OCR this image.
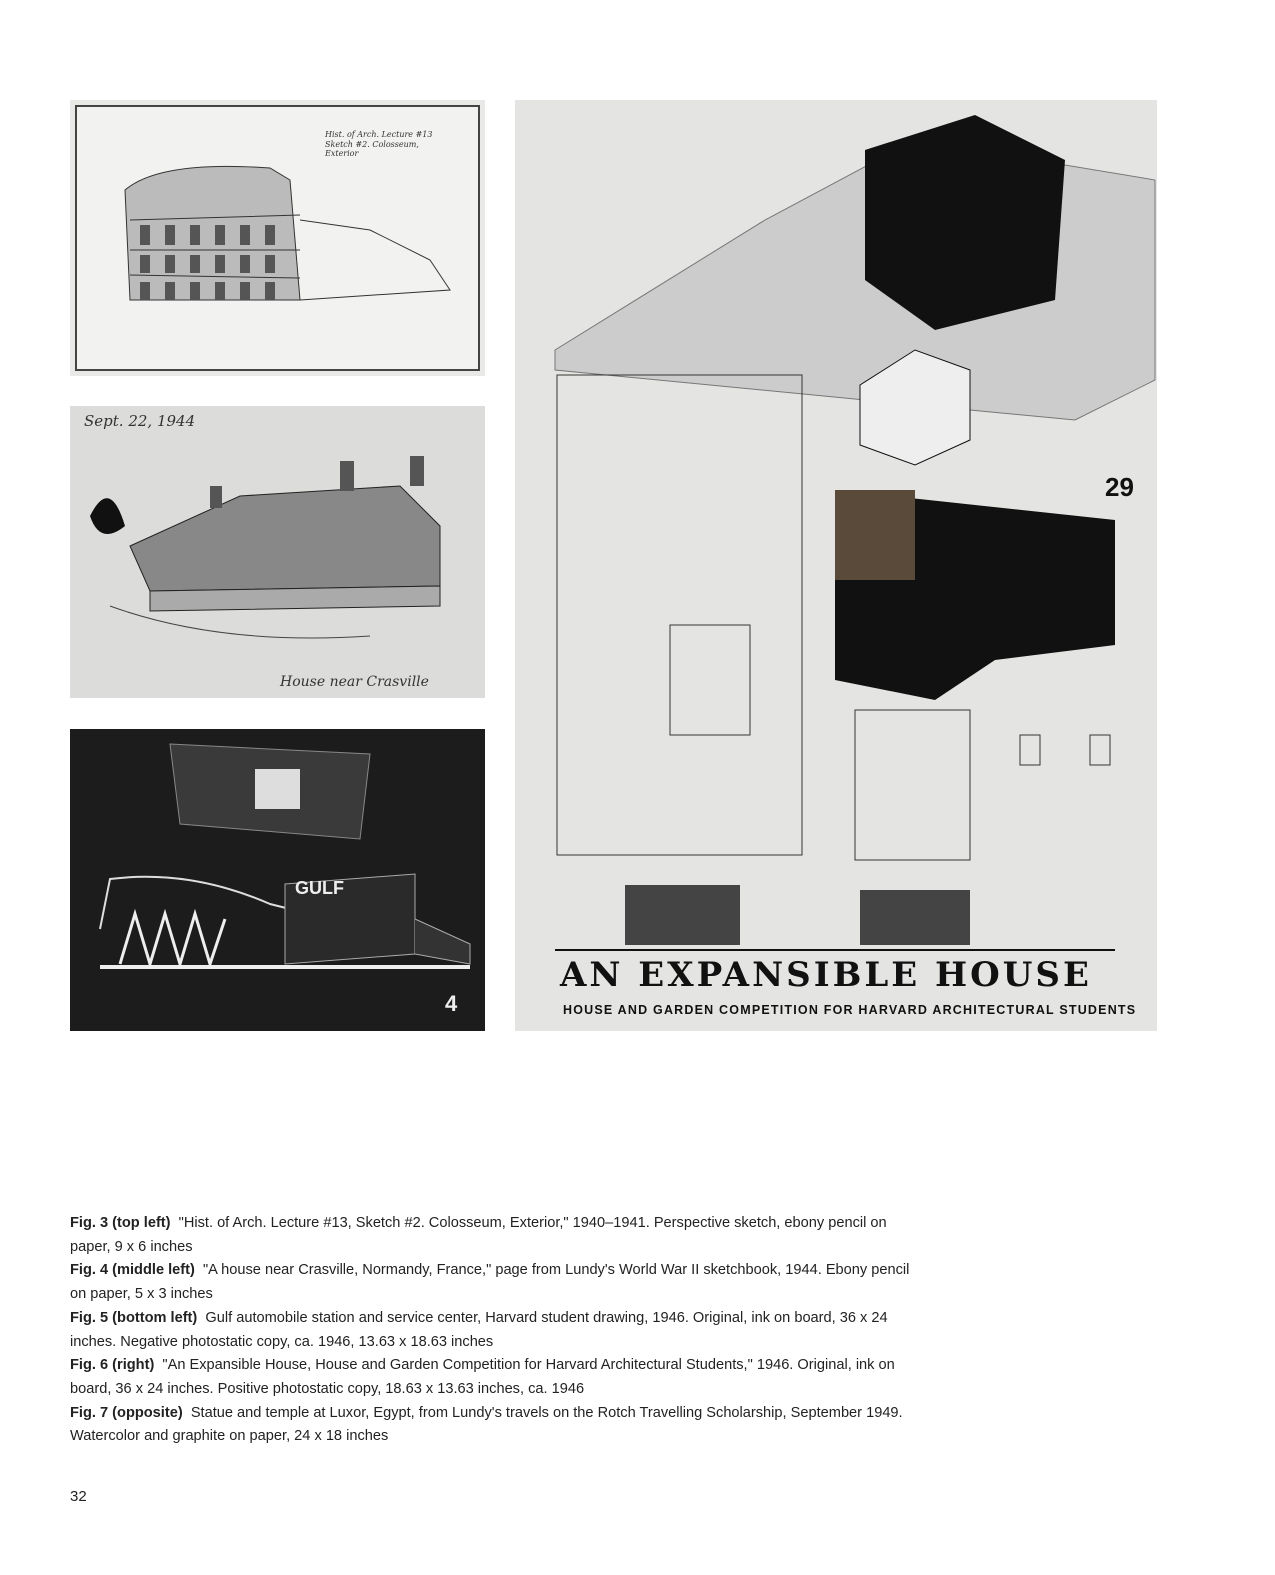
Hist. of Arch. Lecture #13 Sketch #2. Colosseum, Exterior
Sept. 22, 1944
House near Crasville
GULF
4
29
AN EXPANSIBLE HOUSE
HOUSE AND GARDEN COMPETITION FOR HARVARD ARCHITECTURAL STUDENTS
Fig. 3 (top left) "Hist. of Arch. Lecture #13, Sketch #2. Colosseum, Exterior," 1940–1941. Perspective sketch, ebony pencil on paper, 9 x 6 inches
Fig. 4 (middle left) "A house near Crasville, Normandy, France," page from Lundy's World War II sketchbook, 1944. Ebony pencil on paper, 5 x 3 inches
Fig. 5 (bottom left) Gulf automobile station and service center, Harvard student drawing, 1946. Original, ink on board, 36 x 24 inches. Negative photostatic copy, ca. 1946, 13.63 x 18.63 inches
Fig. 6 (right) "An Expansible House, House and Garden Competition for Harvard Architectural Students," 1946. Original, ink on board, 36 x 24 inches. Positive photostatic copy, 18.63 x 13.63 inches, ca. 1946
Fig. 7 (opposite) Statue and temple at Luxor, Egypt, from Lundy's travels on the Rotch Travelling Scholarship, September 1949. Watercolor and graphite on paper, 24 x 18 inches
32
